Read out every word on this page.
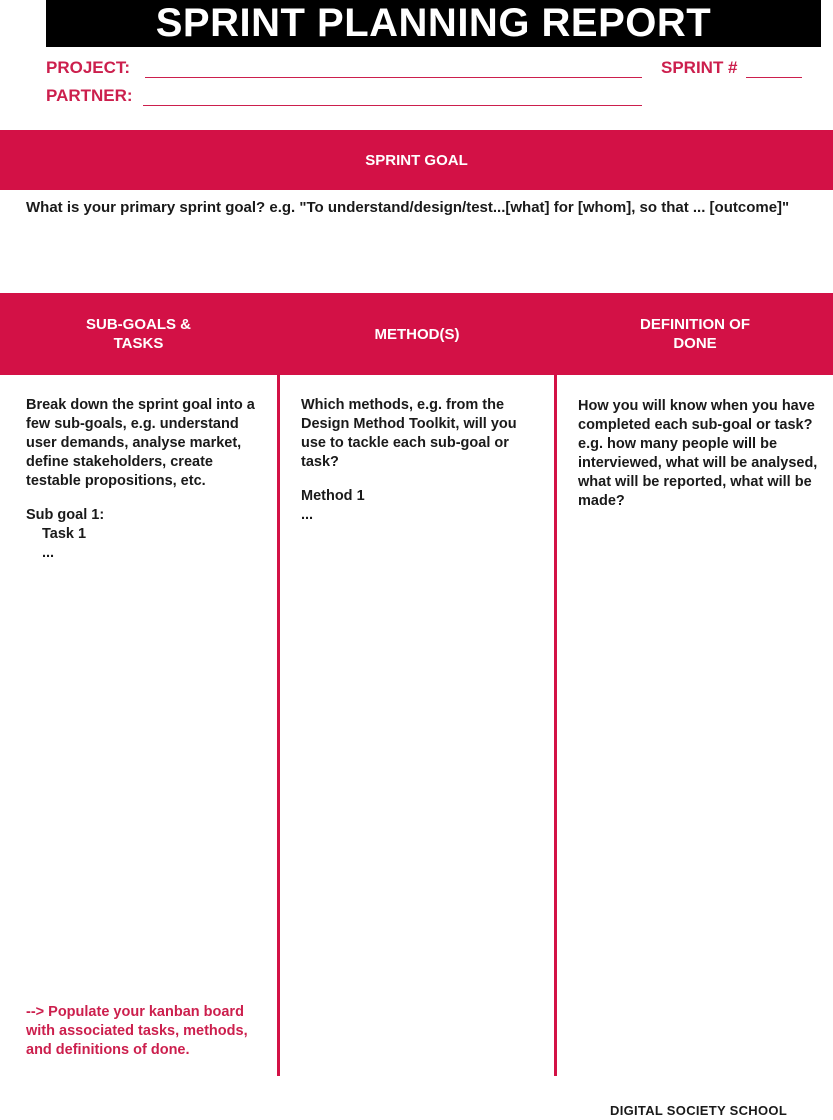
SPRINT PLANNING REPORT
PROJECT:	SPRINT #
PARTNER:
SPRINT GOAL
What is your primary sprint goal? e.g. "To understand/design/test...[what] for [whom], so that ... [outcome]"
SUB-GOALS &
TASKS
METHOD(S)
DEFINITION OF
DONE

Break down the sprint goal into a few sub-goals, e.g. understand user demands, analyse market, define stakeholders, create testable propositions, etc.

Sub goal 1:
Task 1
...

Which methods, e.g. from the Design Method Toolkit, will you use to tackle each sub-goal or task?

Method 1
...

How you will know when you have completed each sub-goal or task? e.g. how many people will be interviewed, what will be analysed, what will be reported, what will be made?

--> Populate your kanban board with associated tasks, methods, and definitions of done.
DIGITAL SOCIETY SCHOOL
